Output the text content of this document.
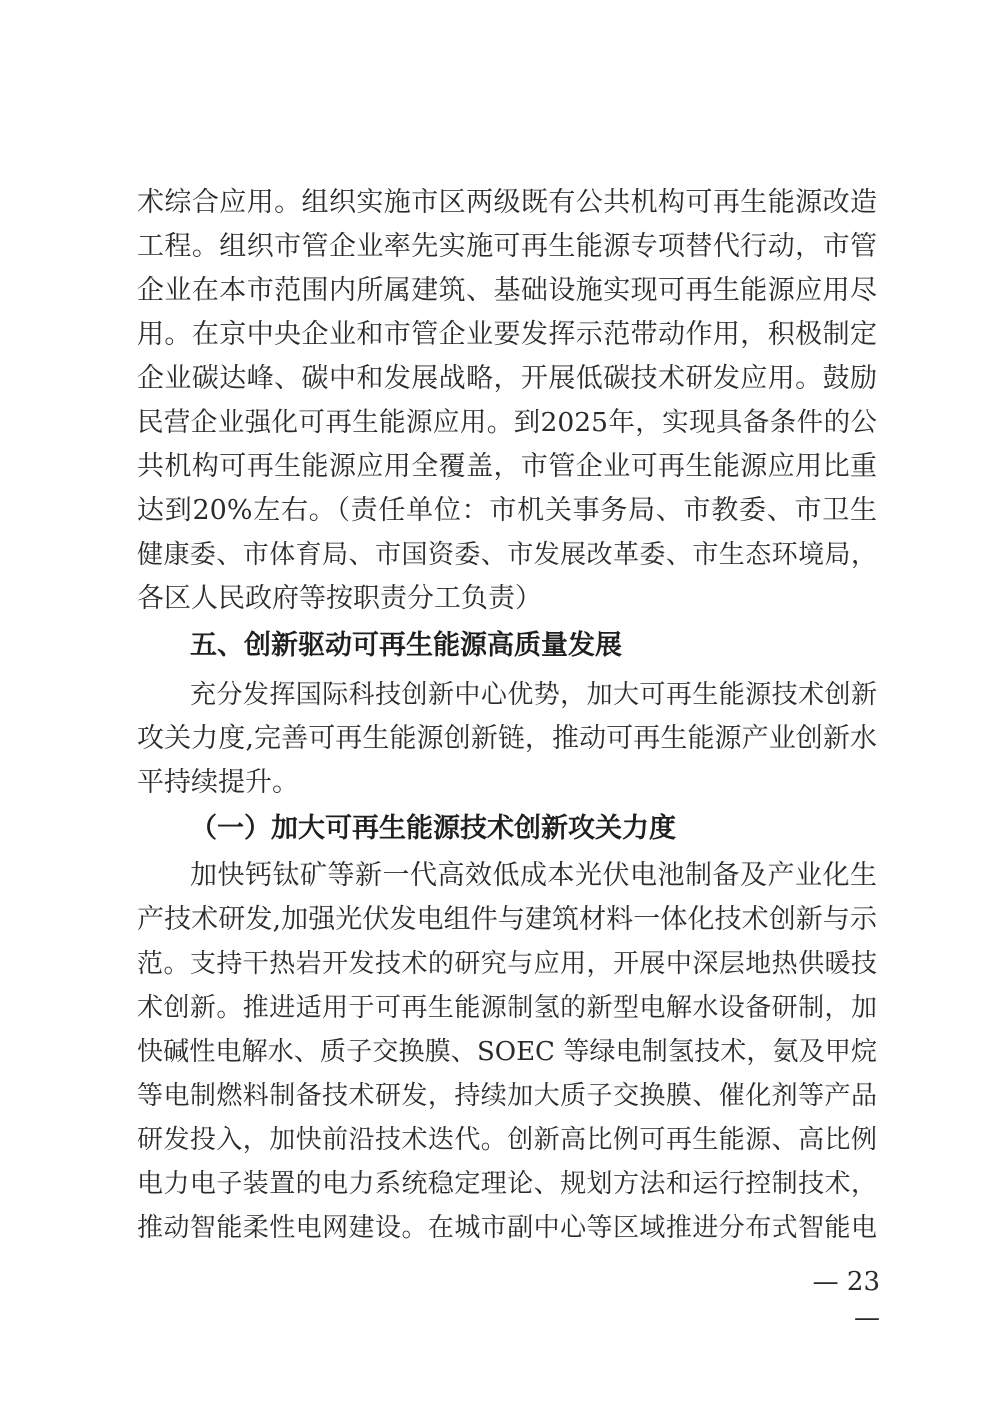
术综合应用。组织实施市区两级既有公共机构可再生能源改造
工程。组织市管企业率先实施可再生能源专项替代行动，市管
企业在本市范围内所属建筑、基础设施实现可再生能源应用尽
用。在京中央企业和市管企业要发挥示范带动作用，积极制定
企业碳达峰、碳中和发展战略，开展低碳技术研发应用。鼓励
民营企业强化可再生能源应用。到2025年，实现具备条件的公
共机构可再生能源应用全覆盖，市管企业可再生能源应用比重
达到20%左右。（责任单位：市机关事务局、市教委、市卫生
健康委、市体育局、市国资委、市发展改革委、市生态环境局，
各区人民政府等按职责分工负责）
五、创新驱动可再生能源高质量发展
充分发挥国际科技创新中心优势，加大可再生能源技术创新
攻关力度,完善可再生能源创新链，推动可再生能源产业创新水
平持续提升。
（一）加大可再生能源技术创新攻关力度
加快钙钛矿等新一代高效低成本光伏电池制备及产业化生
产技术研发,加强光伏发电组件与建筑材料一体化技术创新与示
范。支持干热岩开发技术的研究与应用，开展中深层地热供暖技
术创新。推进适用于可再生能源制氢的新型电解水设备研制，加
快碱性电解水、质子交换膜、SOEC 等绿电制氢技术，氨及甲烷
等电制燃料制备技术研发，持续加大质子交换膜、催化剂等产品
研发投入，加快前沿技术迭代。创新高比例可再生能源、高比例
电力电子装置的电力系统稳定理论、规划方法和运行控制技术，
推动智能柔性电网建设。在城市副中心等区域推进分布式智能电
— 23 —
